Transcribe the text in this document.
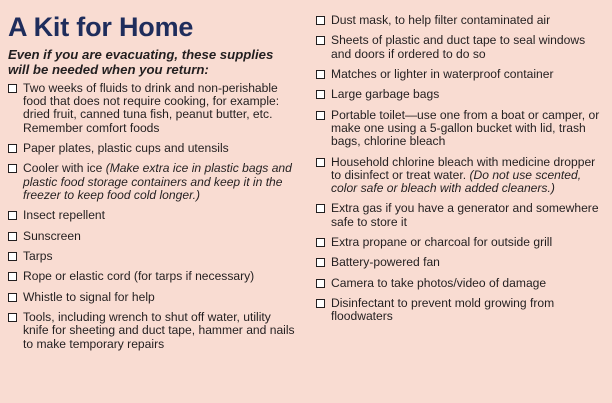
A Kit for Home
Even if you are evacuating, these supplies will be needed when you return:
Two weeks of fluids to drink and non-perishable food that does not require cooking, for example: dried fruit, canned tuna fish, peanut butter, etc. Remember comfort foods
Paper plates, plastic cups and utensils
Cooler with ice (Make extra ice in plastic bags and plastic food storage containers and keep it in the freezer to keep food cold longer.)
Insect repellent
Sunscreen
Tarps
Rope or elastic cord (for tarps if necessary)
Whistle to signal for help
Tools, including wrench to shut off water, utility knife for sheeting and duct tape, hammer and nails to make temporary repairs
Dust mask, to help filter contaminated air
Sheets of plastic and duct tape to seal windows and doors if ordered to do so
Matches or lighter in waterproof container
Large garbage bags
Portable toilet—use one from a boat or camper, or make one using a 5-gallon bucket with lid, trash bags, chlorine bleach
Household chlorine bleach with medicine dropper to disinfect or treat water. (Do not use scented, color safe or bleach with added cleaners.)
Extra gas if you have a generator and somewhere safe to store it
Extra propane or charcoal for outside grill
Battery-powered fan
Camera to take photos/video of damage
Disinfectant to prevent mold growing from floodwaters
